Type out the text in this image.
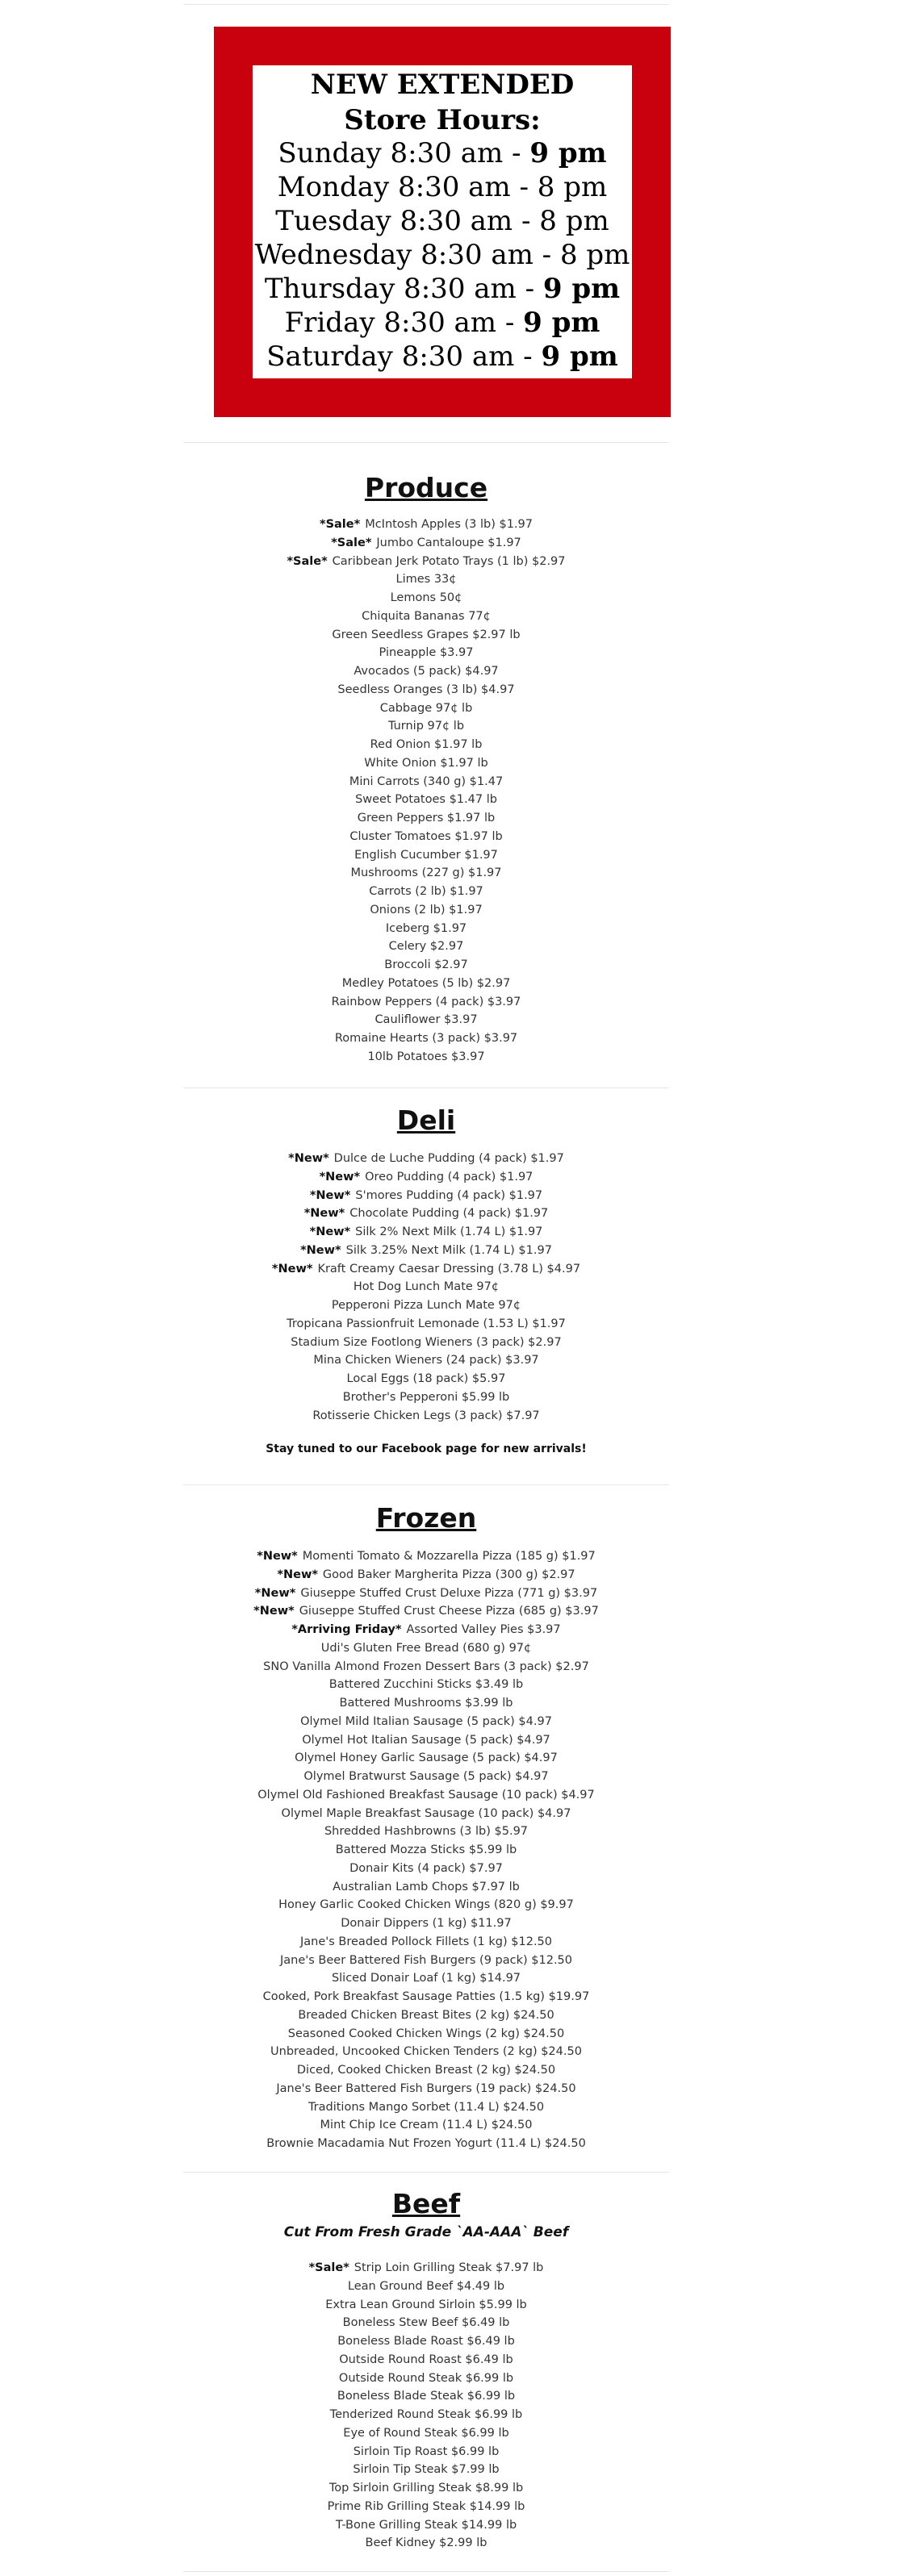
NEW EXTENDED
Store Hours:
Sunday 8:30 am - 9 pm
Monday 8:30 am - 8 pm
Tuesday 8:30 am - 8 pm
Wednesday 8:30 am - 8 pm
Thursday 8:30 am - 9 pm
Friday 8:30 am - 9 pm
Saturday 8:30 am - 9 pm
Produce
*Sale* McIntosh Apples (3 lb) $1.97
*Sale* Jumbo Cantaloupe $1.97
*Sale* Caribbean Jerk Potato Trays (1 lb) $2.97
Limes 33¢
Lemons 50¢
Chiquita Bananas 77¢
Green Seedless Grapes $2.97 lb
Pineapple $3.97
Avocados (5 pack) $4.97
Seedless Oranges (3 lb) $4.97
Cabbage 97¢ lb
Turnip 97¢ lb
Red Onion $1.97 lb
White Onion $1.97 lb
Mini Carrots (340 g) $1.47
Sweet Potatoes $1.47 lb
Green Peppers $1.97 lb
Cluster Tomatoes $1.97 lb
English Cucumber $1.97
Mushrooms (227 g) $1.97
Carrots (2 lb) $1.97
Onions (2 lb) $1.97
Iceberg $1.97
Celery $2.97
Broccoli $2.97
Medley Potatoes (5 lb) $2.97
Rainbow Peppers (4 pack) $3.97
Cauliflower $3.97
Romaine Hearts (3 pack) $3.97
10lb Potatoes $3.97
Deli
*New* Dulce de Luche Pudding (4 pack) $1.97
*New* Oreo Pudding (4 pack) $1.97
*New* S'mores Pudding (4 pack) $1.97
*New* Chocolate Pudding (4 pack) $1.97
*New* Silk 2% Next Milk (1.74 L) $1.97
*New* Silk 3.25% Next Milk (1.74 L) $1.97
*New* Kraft Creamy Caesar Dressing (3.78 L) $4.97
Hot Dog Lunch Mate 97¢
Pepperoni Pizza Lunch Mate 97¢
Tropicana Passionfruit Lemonade (1.53 L) $1.97
Stadium Size Footlong Wieners (3 pack) $2.97
Mina Chicken Wieners (24 pack) $3.97
Local Eggs (18 pack) $5.97
Brother's Pepperoni $5.99 lb
Rotisserie Chicken Legs (3 pack) $7.97
Stay tuned to our Facebook page for new arrivals!
Frozen
*New* Momenti Tomato & Mozzarella Pizza (185 g) $1.97
*New* Good Baker Margherita Pizza (300 g) $2.97
*New* Giuseppe Stuffed Crust Deluxe Pizza (771 g) $3.97
*New* Giuseppe Stuffed Crust Cheese Pizza (685 g) $3.97
*Arriving Friday* Assorted Valley Pies $3.97
Udi's Gluten Free Bread (680 g) 97¢
SNO Vanilla Almond Frozen Dessert Bars (3 pack) $2.97
Battered Zucchini Sticks $3.49 lb
Battered Mushrooms $3.99 lb
Olymel Mild Italian Sausage (5 pack) $4.97
Olymel Hot Italian Sausage (5 pack) $4.97
Olymel Honey Garlic Sausage (5 pack) $4.97
Olymel Bratwurst Sausage (5 pack) $4.97
Olymel Old Fashioned Breakfast Sausage (10 pack) $4.97
Olymel Maple Breakfast Sausage (10 pack) $4.97
Shredded Hashbrowns (3 lb) $5.97
Battered Mozza Sticks $5.99 lb
Donair Kits (4 pack) $7.97
Australian Lamb Chops $7.97 lb
Honey Garlic Cooked Chicken Wings (820 g) $9.97
Donair Dippers (1 kg) $11.97
Jane's Breaded Pollock Fillets (1 kg) $12.50
Jane's Beer Battered Fish Burgers (9 pack) $12.50
Sliced Donair Loaf (1 kg) $14.97
Cooked, Pork Breakfast Sausage Patties (1.5 kg) $19.97
Breaded Chicken Breast Bites (2 kg) $24.50
Seasoned Cooked Chicken Wings (2 kg) $24.50
Unbreaded, Uncooked Chicken Tenders (2 kg) $24.50
Diced, Cooked Chicken Breast (2 kg) $24.50
Jane's Beer Battered Fish Burgers (19 pack) $24.50
Traditions Mango Sorbet (11.4 L) $24.50
Mint Chip Ice Cream (11.4 L) $24.50
Brownie Macadamia Nut Frozen Yogurt (11.4 L) $24.50
Beef
Cut From Fresh Grade `AA-AAA` Beef
*Sale* Strip Loin Grilling Steak $7.97 lb
Lean Ground Beef $4.49 lb
Extra Lean Ground Sirloin $5.99 lb
Boneless Stew Beef $6.49 lb
Boneless Blade Roast $6.49 lb
Outside Round Roast $6.49 lb
Outside Round Steak $6.99 lb
Boneless Blade Steak $6.99 lb
Tenderized Round Steak $6.99 lb
Eye of Round Steak $6.99 lb
Sirloin Tip Roast $6.99 lb
Sirloin Tip Steak $7.99 lb
Top Sirloin Grilling Steak $8.99 lb
Prime Rib Grilling Steak $14.99 lb
T-Bone Grilling Steak $14.99 lb
Beef Kidney $2.99 lb
